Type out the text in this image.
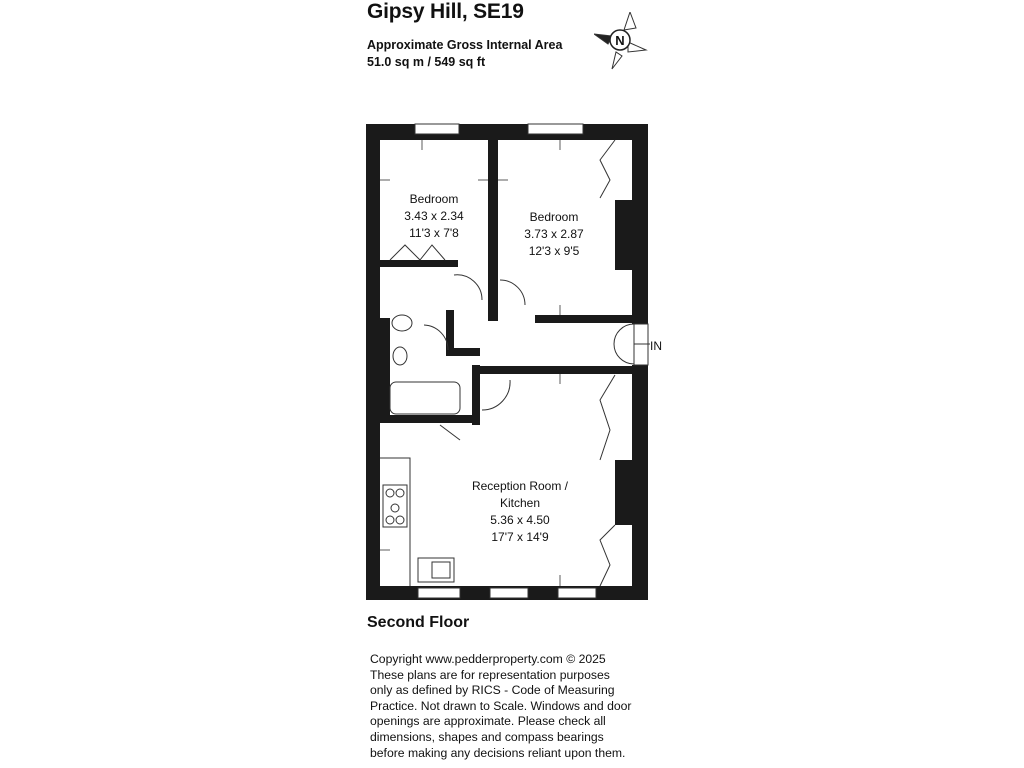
Gipsy Hill, SE19
Approximate Gross Internal Area
51.0 sq m / 549 sq ft
N
IN
Bedroom
3.43 x 2.34
11'3 x 7'8
Bedroom
3.73 x 2.87
12'3 x 9'5
Reception Room /
Kitchen
5.36 x 4.50
17'7 x 14'9
Second Floor
Copyright www.pedderproperty.com © 2025
These plans are for representation purposes
only as defined by RICS - Code of Measuring
Practice. Not drawn to Scale. Windows and door
openings are approximate. Please check all
dimensions, shapes and compass bearings
before making any decisions reliant upon them.
